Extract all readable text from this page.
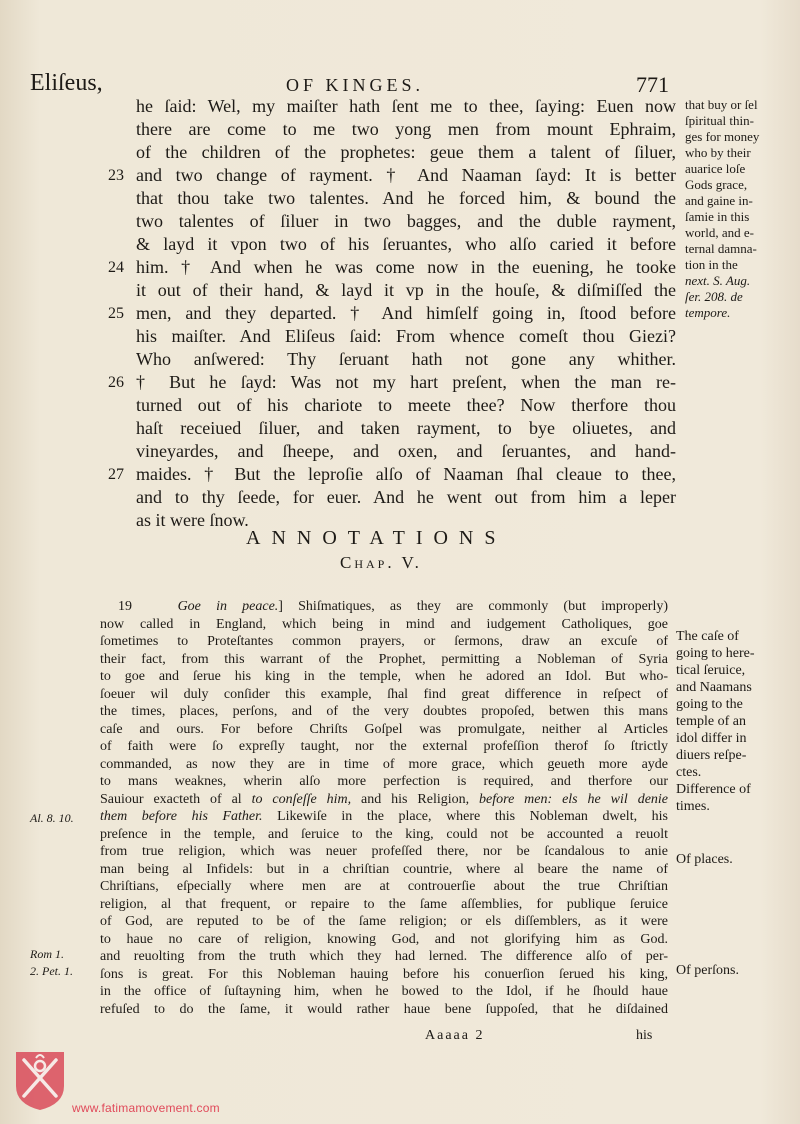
Eliſeus,	OF KINGES.	771
he ſaid: Wel, my maiſter hath ſent me to thee, ſaying: Euen now
there are come to me two yong men from mount Ephraim,
of the children of the prophetes: geue them a talent of ſiluer,
and two change of rayment. † And Naaman ſayd: It is better
that thou take two talentes. And he forced him, & bound the
two talentes of ſiluer in two bagges, and the duble rayment,
& layd it vpon two of his ſeruantes, who alſo caried it before
him. † And when he was come now in the euening, he tooke
it out of their hand, & layd it vp in the houſe, & diſmiſſed the
men, and they departed. † And himſelf going in, ſtood before
his maiſter. And Eliſeus ſaid: From whence comeſt thou Giezi?
Who anſwered: Thy ſeruant hath not gone any whither.
† But he ſayd: Was not my hart preſent, when the man re-
turned out of his chariote to meete thee? Now therfore thou
haſt receiued ſiluer, and taken rayment, to bye oliuetes, and
vineyardes, and ſheepe, and oxen, and ſeruantes, and hand-
maides. † But the leproſie alſo of Naaman ſhal cleaue to thee,
and to thy ſeede, for euer. And he went out from him a leper
as it were ſnow.
23
24
25
26
27
that buy or ſel
ſpiritual thin-
ges for money
who by their
auarice loſe
Gods grace,
and gaine in-
ſamie in this
world, and e-
ternal damna-
tion in the
next. S. Aug.
ſer. 208. de
tempore.
ANNOTATIONS
Chap. V.
19	Goe in peace.] Shiſmatiques, as they are commonly (but improperly)
now called in England, which being in mind and iudgement Catholiques, goe
ſometimes to Proteſtantes common prayers, or ſermons, draw an excuſe of
their fact, from this warrant of the Prophet, permitting a Nobleman of Syria
to goe and ſerue his king in the temple, when he adored an Idol. But who-
ſoeuer wil duly conſider this example, ſhal find great difference in reſpect of
the times, places, perſons, and of the very doubtes propoſed, betwen this mans
caſe and ours. For before Chriſts Goſpel was promulgate, neither al Articles
of faith were ſo expreſly taught, nor the external profeſſion therof ſo ſtrictly
commanded, as now they are in time of more grace, which geueth more ayde
to mans weaknes, wherin alſo more perfection is required, and therfore our
Sauiour exacteth of al to conſeſſe him, and his Religion, before men: els he wil denie
them before his Father. Likewiſe in the place, where this Nobleman dwelt, his
preſence in the temple, and ſeruice to the king, could not be accounted a reuolt
from true religion, which was neuer profeſſed there, nor be ſcandalous to anie
man being al Infidels: but in a chriſtian countrie, where al beare the name of
Chriſtians, eſpecially where men are at controuerſie about the true Chriſtian
religion, al that frequent, or repaire to the ſame aſſemblies, for publique ſeruice
of God, are reputed to be of the ſame religion; or els diſſemblers, as it were
to haue no care of religion, knowing God, and not glorifying him as God.
and reuolting from the truth which they had lerned. The difference alſo of per-
ſons is great. For this Nobleman hauing before his conuerſion ſerued his king,
in the office of ſuſtayning him, when he bowed to the Idol, if he ſhould haue
refuſed to do the ſame, it would rather haue bene ſuppoſed, that he diſdained
The caſe of
going to here-
tical ſeruice,
and Naamans
going to the
temple of an
idol differ in
diuers reſpe-
ctes.
Difference of
times.
Of places.
Of perſons.
Al. 8. 10.
Rom 1.
2. Pet. 1.
Aaaaa 2	his
www.fatimamovement.com
